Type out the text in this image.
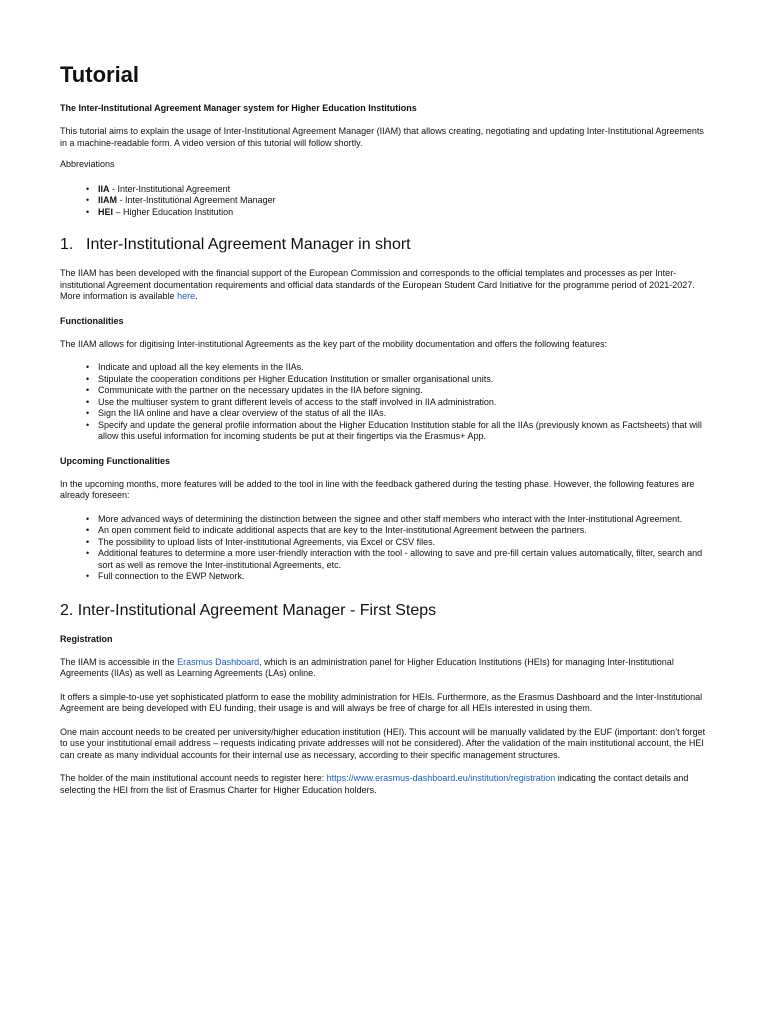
Tutorial
The Inter-Institutional Agreement Manager system for Higher Education Institutions

This tutorial aims to explain the usage of Inter-Institutional Agreement Manager (IIAM) that allows creating, negotiating and updating Inter-Institutional Agreements in a machine-readable form. A video version of this tutorial will follow shortly.

Abbreviations

• IIA - Inter-Institutional Agreement
• IIAM - Inter-Institutional Agreement Manager
• HEI – Higher Education Institution
1. Inter-Institutional Agreement Manager in short

The IIAM has been developed with the financial support of the European Commission and corresponds to the official templates and processes as per Inter-institutional Agreement documentation requirements and official data standards of the European Student Card Initiative for the programme period of 2021-2027. More information is available here.

Functionalities

The IIAM allows for digitising Inter-institutional Agreements as the key part of the mobility documentation and offers the following features:

• Indicate and upload all the key elements in the IIAs.
• Stipulate the cooperation conditions per Higher Education Institution or smaller organisational units.
• Communicate with the partner on the necessary updates in the IIA before signing.
• Use the multiuser system to grant different levels of access to the staff involved in IIA administration.
• Sign the IIA online and have a clear overview of the status of all the IIAs.
• Specify and update the general profile information about the Higher Education Institution stable for all the IIAs (previously known as Factsheets) that will allow this useful information for incoming students be put at their fingertips via the Erasmus+ App.
Upcoming Functionalities

In the upcoming months, more features will be added to the tool in line with the feedback gathered during the testing phase. However, the following features are already foreseen:

• More advanced ways of determining the distinction between the signee and other staff members who interact with the Inter-institutional Agreement.
• An open comment field to indicate additional aspects that are key to the Inter-institutional Agreement between the partners.
• The possibility to upload lists of Inter-institutional Agreements, via Excel or CSV files.
• Additional features to determine a more user-friendly interaction with the tool - allowing to save and pre-fill certain values automatically, filter, search and sort as well as remove the Inter-institutional Agreements, etc.
• Full connection to the EWP Network.
2. Inter-Institutional Agreement Manager - First Steps
Registration

The IIAM is accessible in the Erasmus Dashboard, which is an administration panel for Higher Education Institutions (HEIs) for managing Inter-Institutional Agreements (IIAs) as well as Learning Agreements (LAs) online.

It offers a simple-to-use yet sophisticated platform to ease the mobility administration for HEIs. Furthermore, as the Erasmus Dashboard and the Inter-Institutional Agreement are being developed with EU funding, their usage is and will always be free of charge for all HEIs interested in using them.

One main account needs to be created per university/higher education institution (HEI). This account will be manually validated by the EUF (important: don’t forget to use your institutional email address – requests indicating private addresses will not be considered). After the validation of the main institutional account, the HEI can create as many individual accounts for their internal use as necessary, according to their specific management structures.

The holder of the main institutional account needs to register here: https://www.erasmus-dashboard.eu/institution/registration indicating the contact details and selecting the HEI from the list of Erasmus Charter for Higher Education holders.
